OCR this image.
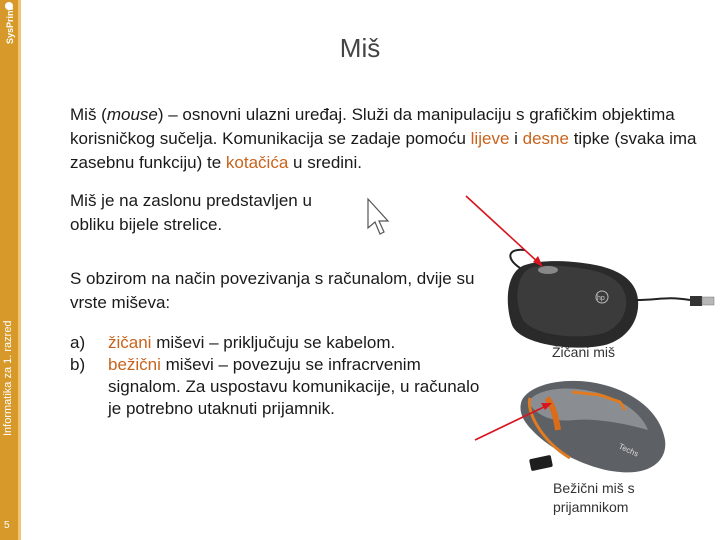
SysPrint
Informatika za 1. razred
5
Miš
Miš (mouse) – osnovni ulazni uređaj. Služi da manipulaciju s grafičkim objektima korisničkog sučelja. Komunikacija se zadaje pomoću lijeve i desne tipke (svaka ima zasebnu funkciju) te kotačića u sredini.
Miš je na zaslonu predstavljen u obliku bijele strelice.
S obzirom na način povezivanja s računalom, dvije su vrste miševa:
a) žičani miševi – priključuju se kabelom.
b) bežični miševi – povezuju se infracrvenim signalom. Za uspostavu komunikacije, u računalo je potrebno utaknuti prijamnik.
hp
Techs
Žičani miš
Bežični miš s
prijamnikom
